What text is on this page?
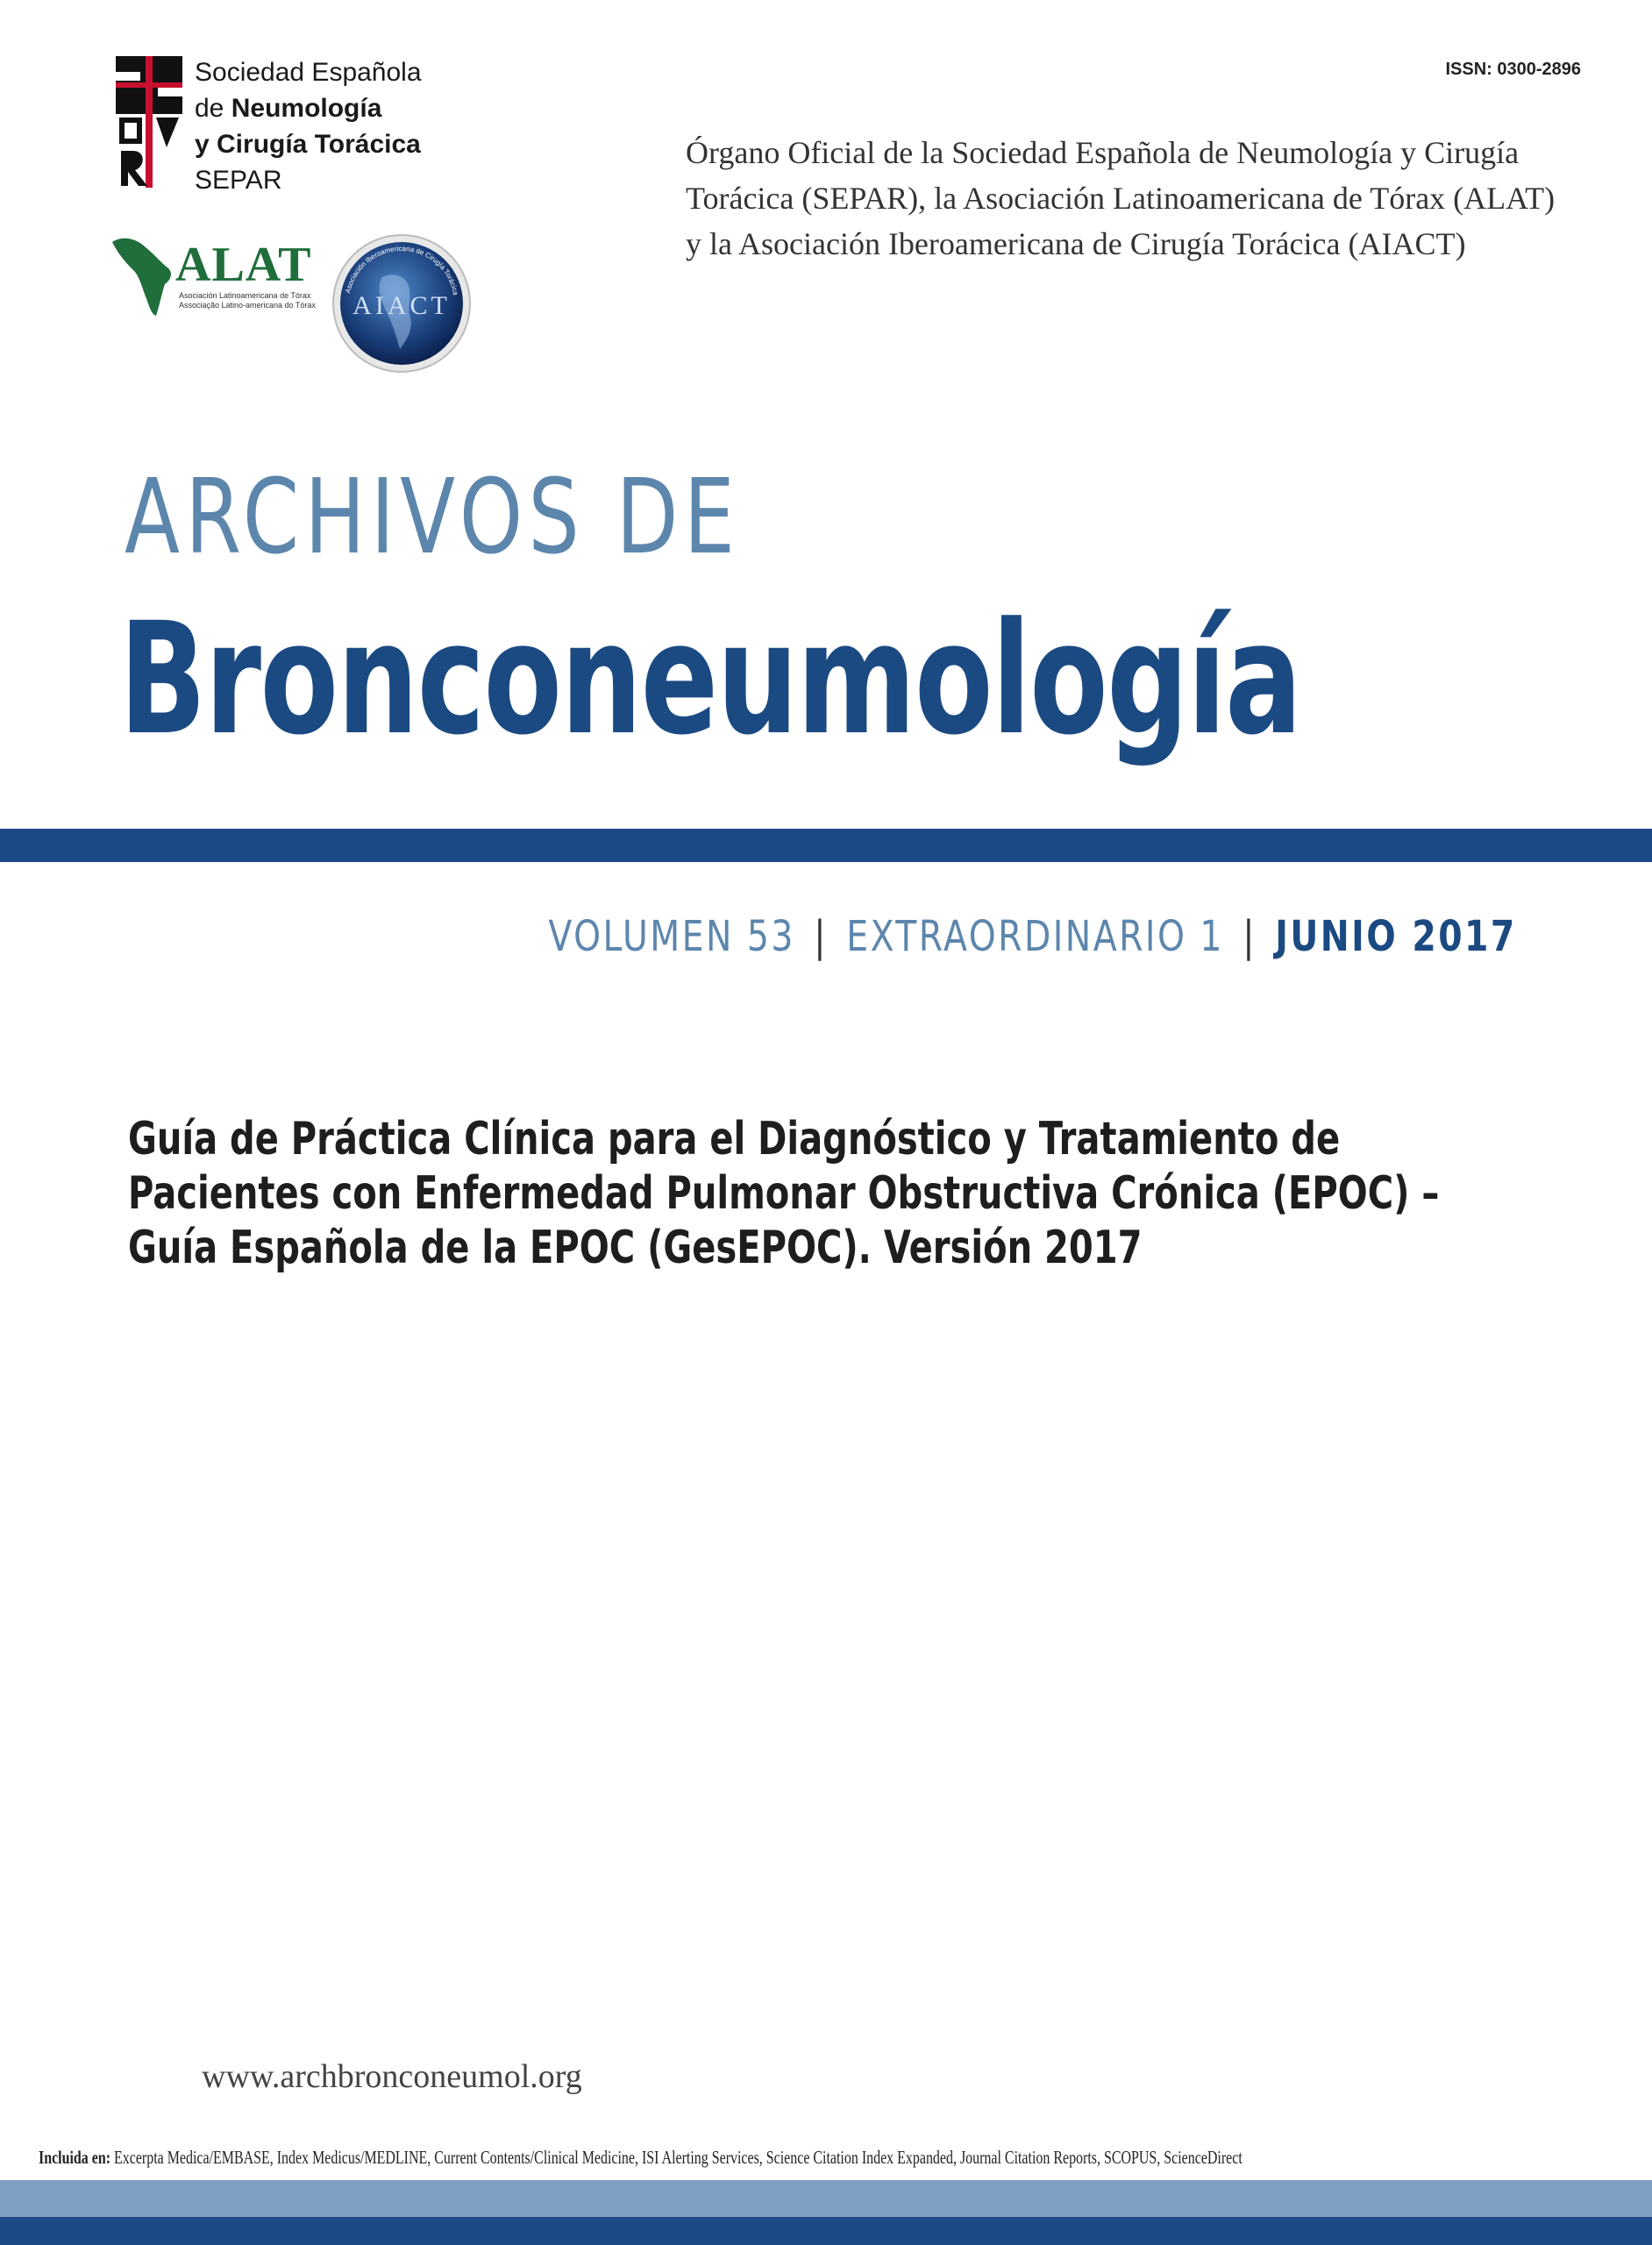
Sociedad Española
de Neumología
y Cirugía Torácica
SEPAR
ALAT
Asociación Latinoamericana de Tórax
Associação Latino-americana do Tórax
Asociación Iberoamericana de Cirugía Torácica
AIACT
ISSN: 0300-2896
Órgano Oficial de la Sociedad Española de Neumología y Cirugía Torácica (SEPAR), la Asociación Latinoamericana de Tórax (ALAT) y la Asociación Iberoamericana de Cirugía Torácica (AIACT)
ARCHIVOS DE
Bronconeumología
VOLUMEN 53 | EXTRAORDINARIO 1 | JUNIO 2017
Guía de Práctica Clínica para el Diagnóstico y Tratamiento de Pacientes con Enfermedad Pulmonar Obstructiva Crónica (EPOC) – Guía Española de la EPOC (GesEPOC). Versión 2017
www.archbronconeumol.org
Incluida en: Excerpta Medica/EMBASE, Index Medicus/MEDLINE, Current Contents/Clinical Medicine, ISI Alerting Services, Science Citation Index Expanded, Journal Citation Reports, SCOPUS, ScienceDirect
